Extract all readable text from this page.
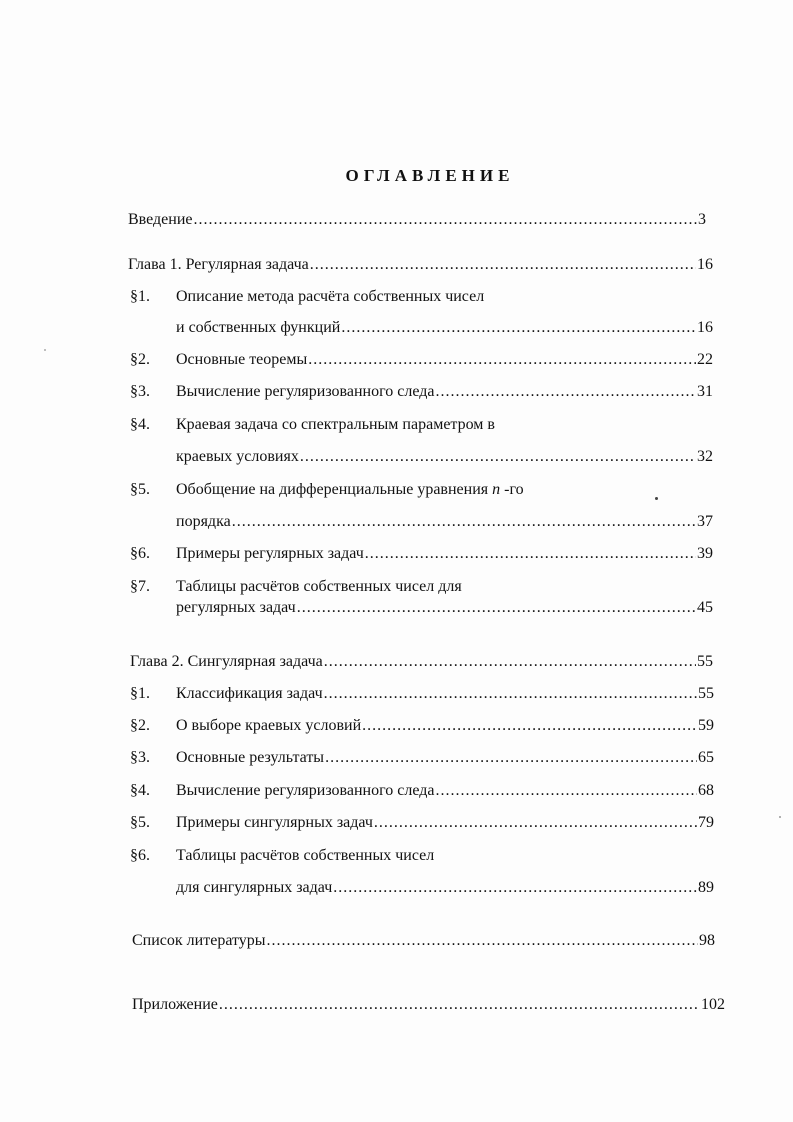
ОГЛАВЛЕНИЕ
Введение .....	3
Глава 1. Регулярная задача .....	16
§1.	Описание метода расчёта собственных чисел
и собственных функций .....	16
§2.	Основные теоремы .....	22
§3.	Вычисление регуляризованного следа .....	31
§4.	Краевая задача со спектральным параметром в
краевых условиях .....	32
§5.	Обобщение на дифференциальные уравнения n -го
порядка .....	37
§6.	Примеры регулярных задач .....	39
§7.	Таблицы расчётов собственных чисел для
регулярных задач .....	45
Глава 2. Сингулярная задача .....	55
§1.	Классификация задач .....	55
§2.	О выборе краевых условий .....	59
§3.	Основные результаты .....	65
§4.	Вычисление регуляризованного следа .....	68
§5.	Примеры сингулярных задач .....	79
§6.	Таблицы расчётов собственных чисел
для сингулярных задач .....	89
Список литературы .....	98
Приложение .....	102
